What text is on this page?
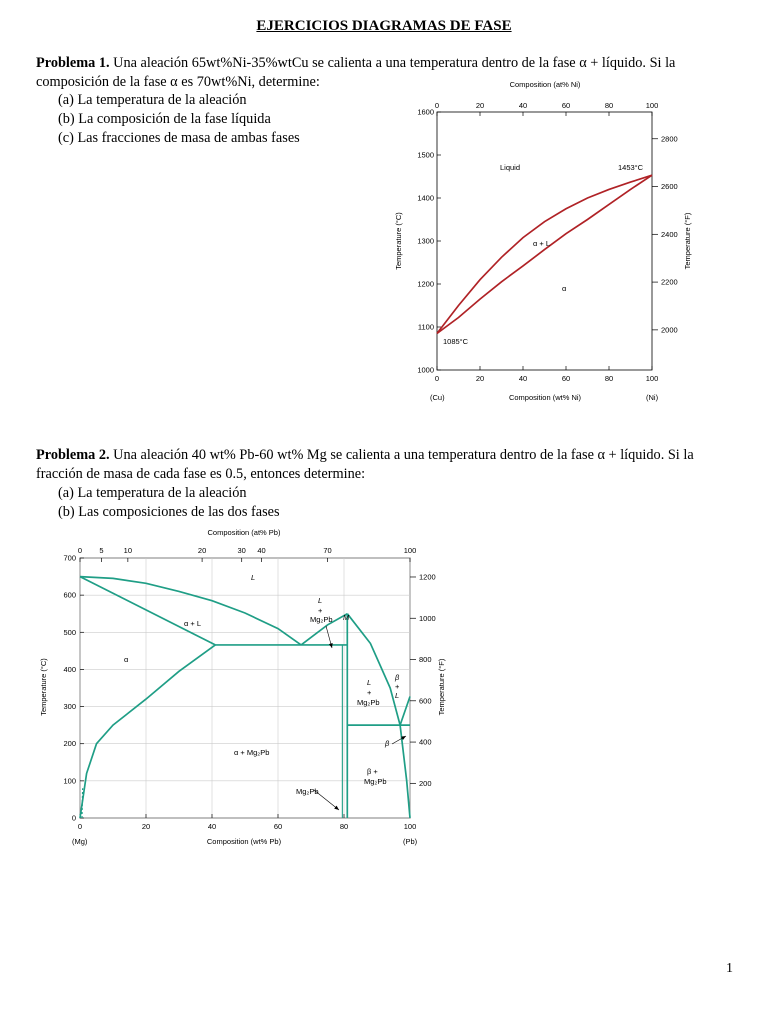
EJERCICIOS DIAGRAMAS DE FASE
Problema 1. Una aleación 65wt%Ni-35%wtCu se calienta a una temperatura dentro de la fase α + líquido. Si la
composición de la fase α es 70wt%Ni, determine:
(a) La temperatura de la aleación
(b) La composición de la fase líquida
(c) Las fracciones de masa de ambas fases
Composition (at% Ni)
Temperature (°C)	Temperature (°F)
Composition (wt% Ni)
(Cu)	(Ni)
0	20	40	60	80	100
0	20	40	60	80	100
1000
1100
1200
1300
1400
1500
1600
2000
2200
2400
2600
2800
Liquid
α + L
α
1453°C
1085°C
Problema 2. Una aleación 40 wt% Pb-60 wt% Mg se calienta a una temperatura dentro de la fase α + líquido. Si la
fracción de masa de cada fase es 0.5, entonces determine:
(a) La temperatura de la aleación
(b) Las composiciones de las dos fases
Composition (at% Pb)
Temperature (°C)	Temperature (°F)
Composition (wt% Pb)
(Mg)	(Pb)
0	20	40	60	80	100
0
100
200
300
400
500
600
700
0 5	10	20	30 40	70	100
200
400
600
800
1000
1200
L
α + L
α
α + Mg₂Pb
L
+
Mg₂Pb M
L
+
Mg₂Pb
β
+
L
β
β +
Mg₂Pb
Mg₂Pb
1
